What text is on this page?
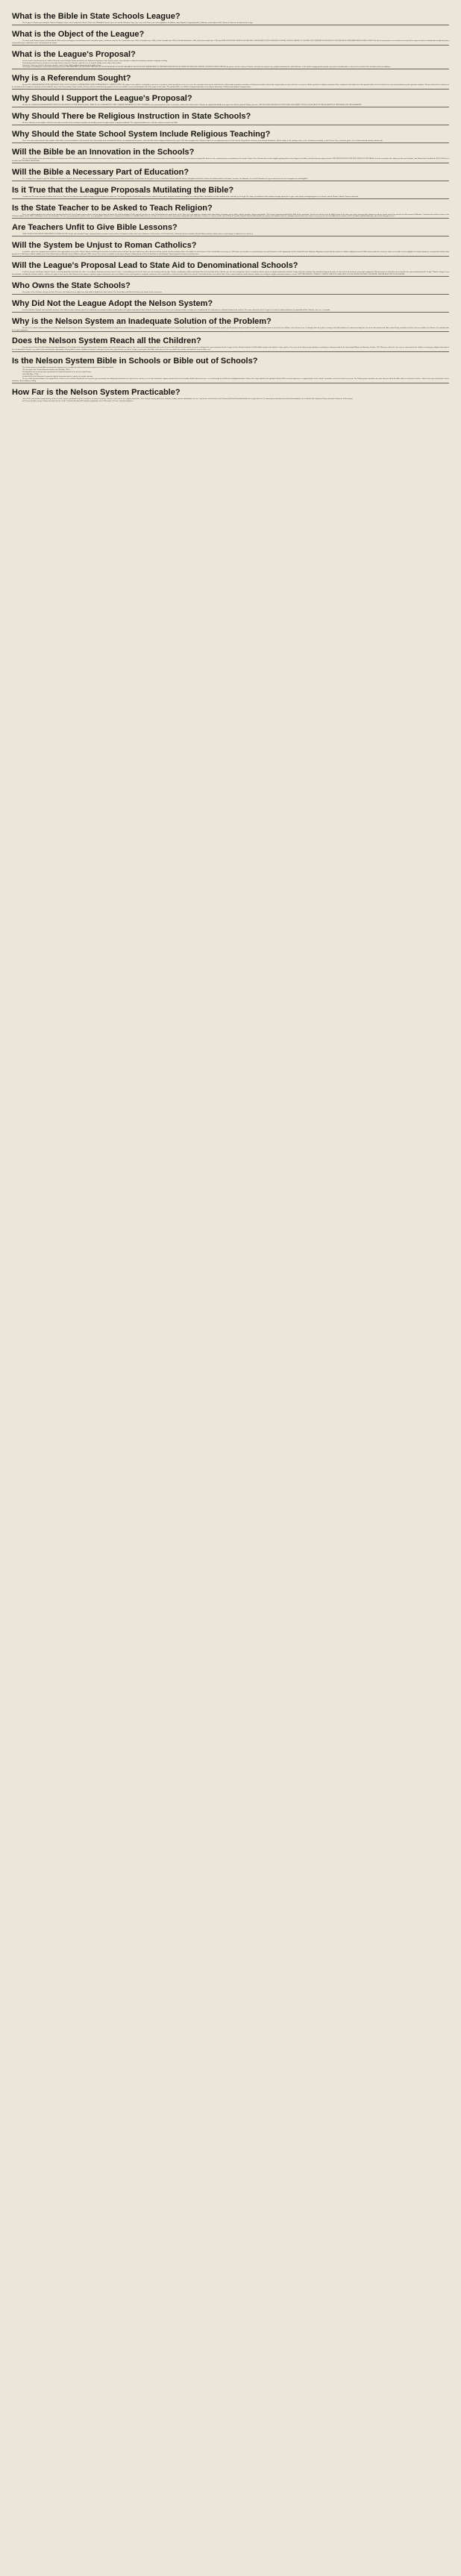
What is the Bible in State Schools League?

The League is a Union representing the Church of England, 41 per cent.; Presbyterian Church, 23 per cent.; Methodist Church, 9 per cent.; and the Salvation Army, 1 per cent.; in all 74 per cent. of the population. In addition, many Baptists, Congregationalists, Lutherans, and members of the Church of Christ are members of the League.

What is the Object of the League?

To restore to the National system of Education the Bible and its teaching by a method known as the Australian system, which has existed in New South Wales since 1866, in Tasmania since 1868, in West Australia since 1893, in Norfolk Island since 1906, and in Queensland since 1910; and WHICH IN THOSE STATES HAS PROVED A BULWARK OF THE NATIONAL SYSTEM, SAFEGUARDING IT AGAINST ANY ATTEMPT TO DESTROY IT IN FAVOUR OF DENOMINATIONAL EDUCATION. The fact of its permanence in two States for nearly half a century and since its introduction in adjoining States is proof that it gives satisfaction to the vast majority of the people.

What is the League's Proposal?

Lessons read in school hours by the children themselves from Scripture Books provided by the Education Department; State School teachers supervising the reading, but not giving sectarian or dogmatic teaching.

Visits during school hours by ministers or accredited teachers from the Churches, under the Act, to teach the children of the faith of their fathers.

Conscience clause by which the parent has complete control of the child's religious instruction in the public school.

The League is not asking for every detail of the system, but for THE PRINCIPLE, THAT EVERY CHILD SHALL HAVE THE RIGHT TO READ THE BIBLE AND HAVE THE OPPORTUNITY OF DEFINITE RELIGIOUS TEACHING BY HIS OWN CHURCH, BOTH IN SCHOOL HOURS, the parent—not the teacher or Church—to decide how much, if any, religious instruction the child shall have. As the details in applying this principle vary in the Australian States, so they can be varied in New Zealand to fit local conditions.

Why is a Referendum Sought?

Because IN A REFERENDUM EVERY OPPONENT WILL HAVE AN EQUAL OPPORTUNITY WITH SUPPORTERS OF A DIRECT VOTE. The subject is one which is of immediate concern to every parent, and of special interest to every voter. It is a question which can be settled best by a Referendum inasmuch as members of Parliament would be affected by a large number of voters who have no concern with the question of religious instruction. Direct settlement at the ballot box of this question allows it to be decided on its own merits without any other question coming in. The precedents of the settlement of the question by Referendum are numerous; Switzerland (the home of the Referendum), South Australia, Victoria, and Queensland having regarded it as the most suitable way of ascertaining the will of the people on the matter. The question Bible or no Bible in religious instruction or no religious instruction, is distinct from political and party issues.

Why Should I Support the League's Proposal?

Because the CHURCHES REPRESENTING THE VAST MAJORITY OF THE PEOPLE HAVE COME TO AN AGREEMENT IN THE COMMON INTERESTS OF THE CHILDREN, and a great proportion of the electors have endorsed the action of their Churches by signing individually their agreement with the proposal. Plainly, therefore, THE LEAGUE'S PROPOSAL IS THE ONLY ONE LIKELY TO BE ACCEPTABLE TO THE MAJORITY OF THE PEOPLE OF THE DOMINION.

Why Should There be Religious Instruction in State Schools?

Because education is not complete which does not make provision for the teaching of morality, and morality cannot be taught without a religious foundation. The religious foundation for a Christian country is found in the Bible.

Why Should the State School System Include Religious Teaching?

There is no more reason why the State should exclude Bible lessons and ministers' visits from the State Schools than from our Industrial Schools, our hospitals and our prisons, where the State allows religious instruction to be given. The State recognises the Christian religion in every important stage of its life from the King and the Governor, down through Parliament, with the Judges, in the making of laws, in the celebration of marriage, in the Defence Force, and in the gaols—it is excluded from the primary schools only.

Will the Bible be an Innovation in the Schools?

Not so. It had its place in the provincial systems of education up to 1877. Provision for Bible reading and prayer was made by Sir Bowen, Minister of Education, in his National Bill in 1877, when the provinces were abolished, but the clause was struck out against Mr. Bowen's wish, without any direct consultation of the people. Only in New Zealand and two other English-speaking States in the Empire is the Bible excluded from the primary schools. THE INNOVATION IS THE EXCLUSION OF THE BIBLE from the curriculum. Our schools are thus non-Christian, Anti-National and Anti-British. WE WANT the Act amended and THE BIBLE RESTORED.

Will the Bible a Necessary Part of Education?

Yes, certainly, if we purpose to give the children an education in English. How can they understand the history of their race or their literature, without a knowledge, if only from a literary point of view, of that Book without which the history of England could not be written; and without which her literature, her poets, her historians, her Acts of Parliament, her great writers and even her newspapers are unintelligible?

Is it True that the League Proposals Mutilating the Bible?

Certainly not. The same principle is followed out in every Church of selecting the most suitable passages of Holy Scripture for public use. The Roman Catholic Church itself shows a clear example in this respect, using their portions of Scripture for reading at Mass, and similarly selective portions to be read daily by its clergy. The charge of mutilation of the Scriptures brought against the League could equally be brought against every Church, and the Roman Catholic Church in particular.

Is the State Teacher to be Asked to Teach Religion?

There is no religion taught to the teachers in the training schools in the New Zealand system which is bad for the teaching of history. The official syllabus of 1902, page 48, specifies in nearly 100 particulars the moral duties of life. These are to be taught by examples taken from history, biography, poetry, fables, and the anecdote, allegory and parable. The League's proposal would add the Bible to the curriculum. Teachers are asked to treat the Bible lessons in the same way as they treat any other historical or literary lesson; and as they already do with lessons on Mohamet, Confucius and sound references to the Christian religion and the Bible, which appear in the school literature. For tens of years thousands of teachers have been giving Bible lessons to tens of thousands of children in Australian States. Not one case has ever been on record of any teacher raising difficulties about these lessons; even when as in the case of Western Australia, Norfolk Island and Queensland, the system was introduced after the education system had been in existence for some years. It is incredible that the teachers of New Zealand would find difficulty, where their colleagues do not.

Are Teachers Unfit to Give Bible Lessons?

THIS CHARGE IS MADE BY OPPONENTS OF THE LEAGUE. On the other hand the League is prepared fully to trust the teachers of New Zealand as worthy of the same confidence as the teachers of New South Wales, Tasmania, Western Australia, Norfolk Island, and Queensland, where no such charge of unfitness is ever heard of.

Will the System be Unjust to Roman Catholics?

It would be unjust if the proposal denied them the same opportunities as any other Church. Roman Catholic priests and other accredited teachers will have the same right as any other Church to visit the schools, and the teaching of their own children in school hours. In New South Wales an average of 1,600 visits a year by them is a proof that they can avail themselves of the opportunity. In New South Wales the Education Department reports that the number of children withdrawn from the Bible lessons under the conscience clause is so small as to be negligible for statistical purposes, consequently it follows that parents of 51,500 Roman Catholic children in the State Schools find no difficulty in their children reading the Bible lessons. There can be no injustice in offering the Roman Catholic parents in New Zealand that of which Roman Catholic parents elsewhere avail themselves.

Will the League's Proposal Lead to State Aid to Denominational Schools?

It will not, because the Roman Catholic Church—which demands State aid both where there is no religious instruction and also where it exists—is effectually prevented in the latter case from forming with any other Church a combination which could obtain State aid. Practically all the Churches save the one desiring State aid are so satisfied with the system of religious instruction which the League advocates, that they have definitely dropped the policy of State aid for their schools; preferring to support the National system of education when it includes the system advocated by the League. That the clergy of every denomination, including the Roman Catholics, will have the right of entry into the State Schools for the purpose of giving religious instruction to their own children leaves no just ground of complaint, inasmuch as the responsibility of refusal to teach children lies with the Church that declines, not with the State. It then cannot equally be pleaded that the children are hearing no religious instruction whatever, as now. AND THE ROMAN CATHOLIC CHURCH WHICH CLAIMS WITH ALL ITS STRENGTH STATE AID UNDER THE PRESENT SECULAR SYSTEM.

Who Owns the State Schools?

The people of New Zealand, who pay for them. Therefore, the People have the right to say what shall be taught in the State Schools. The Referendum will allow the People to be master in their own house.

Why Did Not the League Adopt the Nelson System?

It is clear that the Churches, after practical experience of the Nelson system, did not regard it as a satisfactory or permanent solution of the problem of religious instruction in State Schools. It has been tried for many years, and many of those working it are of opinion that it is inadequate as a national solution of the problem. The system advocated by the League is accepted as finally satisfactory by practically all the Churches, save one, in Australia.

Why is the Nelson System an Inadequate Solution of the Problem?

Because as it excludes ordinary ministers of religion who will not agree to give undenominational teaching, it is manifestly unfair to support it as a national system of religious instruction. It is practically impossible to set it up generally. The Australian system is open to all denominations equally, special privileges being accorded to none. Where ministers prefer to teach their own children, and only their own—as though where they prefer to arrange with other ministers for common teaching they can do so. But instead of the latter method being compulsory and the only one available as in Nelson, it is optional under the League's proposals.

Does the Nelson System Reach all the Children?

Very far from it. Out of 151,416 children in average attendance in New Zealand, the warmest admirers of the Nelson system only claim 10,000 children, that is, 7 per cent. as receiving instruction, after some 20 years' trial. Whereas in Queensland, two years' working of the system advocated by the League for New Zealand resulted in 26,000 children being in the ministers' visits, equal to 15 per cent. of the daily average attendance according to a statement made by the Queensland Minister of Education, October, 1913. Moreover, while the 7 per cent. are represented in the children receiving any religious instruction in New Zealand State Schools, every child in Queensland had the opportunity of having Bible lessons in addition to ministers' visits given by the State school teacher; so that the League's system places the Bible within the reach of every child in the schools, and ministers' visits to 24 per cent.

Is the Nelson System Bible in Schools or Bible out of Schools?

The Nelson system is clearly Bible out of schools, inasmuch as it is outside the official school hours reported to the Education Board.

The Secretary of the Nelson Education Board wrote (9th May, 1913):—

The Board has not at any time given permission for religious instruction to be given in school hours.

And (30th May, 1913):—

Section 84 (3) of the Education Act provides that the instruction must be entirely of a secular character.

No one would say that arithmetic was taught IN the school if it were said the Board had not at any time given permission for arithmetical instruction to be given in the schools, even if some wholesome separate ministers had offered outside official school hours one a week and taught the children the multiplication table. Further, the League stands for the principle that the Bible in schools must have a recognised place in the schools' curriculum, and not be treated as an extra. The Nelson system reproduces the same inference about the Bible which it is desired to remove—that it is an extra, and therefore of less importance than reading or writing.

How Far is the Nelson System Practicable?

After all the years and the strong advocacy it has received, it proves practicable only in a few places; for many reasons the Churches won't and are the religious instruction—there being in country parts where churches, Sunday schools, and ministers are few—and receive most benefit. In the Nelson and Nelson Education Board's own report, there are 25 schools given instruction from other denominations, one of which in the country of Nelson and some of them are in the country.

In Western Australia, a huge territory nine times the size of New Zealand with about 400 schools in population, out of 700 schools, 316 were visited by ministers.
